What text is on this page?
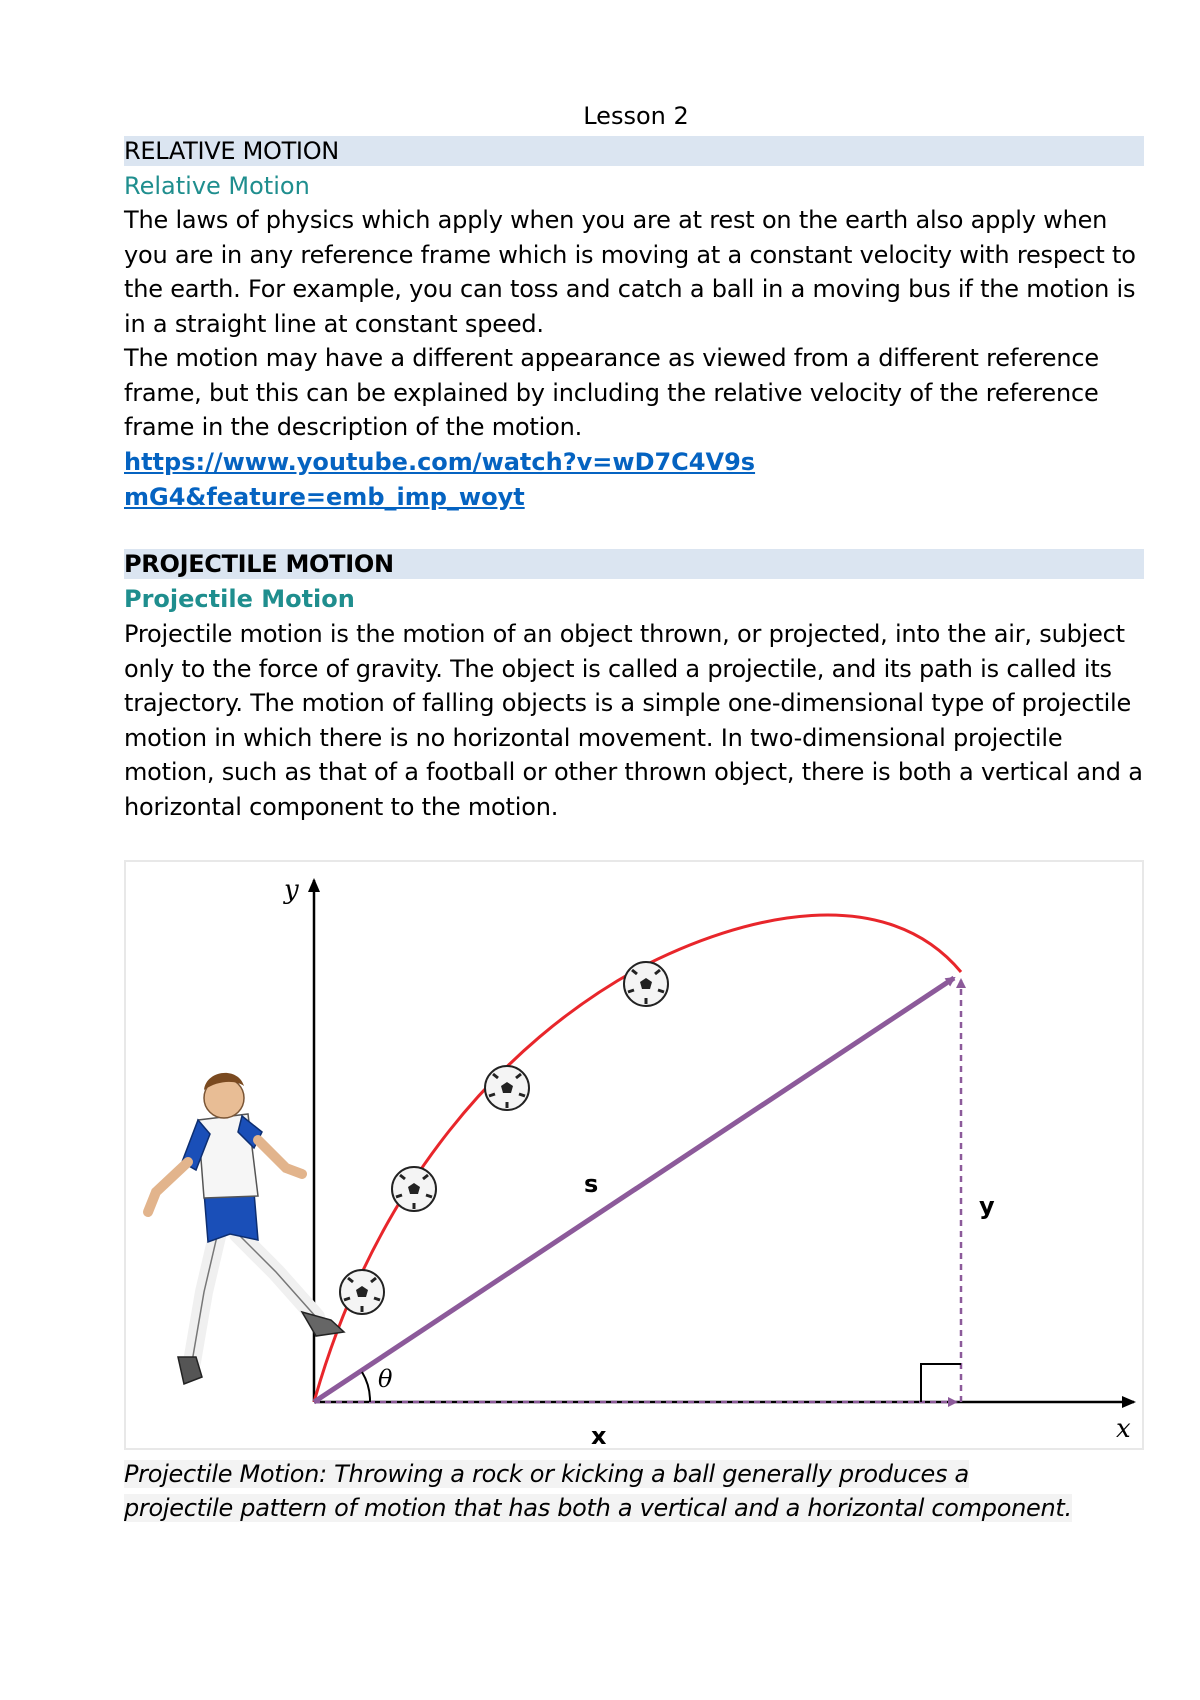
Lesson 2
RELATIVE MOTION
Relative Motion

The laws of physics which apply when you are at rest on the earth also apply when you are in any reference frame which is moving at a constant velocity with respect to the earth. For example, you can toss and catch a ball in a moving bus if the motion is in a straight line at constant speed.

The motion may have a different appearance as viewed from a different reference frame, but this can be explained by including the relative velocity of the reference frame in the description of the motion.

https://www.youtube.com/watch?v=wD7C4V9smG4&feature=emb_imp_woyt
PROJECTILE MOTION
Projectile Motion

Projectile motion is the motion of an object thrown, or projected, into the air, subject only to the force of gravity. The object is called a projectile, and its path is called its trajectory. The motion of falling objects is a simple one-dimensional type of projectile motion in which there is no horizontal movement. In two-dimensional projectile motion, such as that of a football or other thrown object, there is both a vertical and a horizontal component to the motion.

y
x
θ
s
y
x
Projectile Motion: Throwing a rock or kicking a ball generally produces a projectile pattern of motion that has both a vertical and a horizontal component.
